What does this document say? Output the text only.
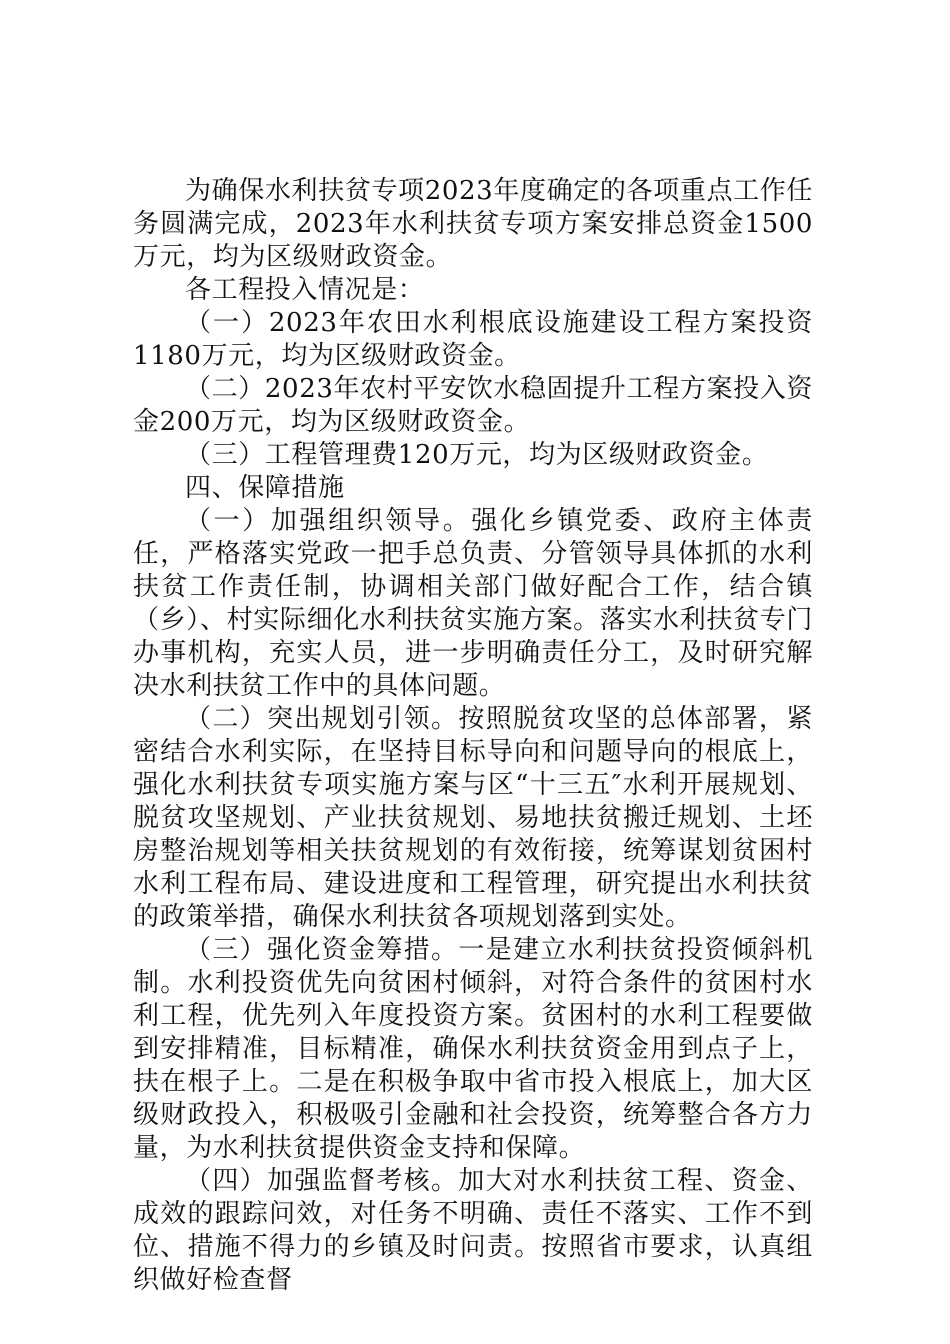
为确保水利扶贫专项2023年度确定的各项重点工作任务圆满完成，2023年水利扶贫专项方案安排总资金1500万元，均为区级财政资金。

各工程投入情况是：

（一）2023年农田水利根底设施建设工程方案投资1180万元，均为区级财政资金。

（二）2023年农村平安饮水稳固提升工程方案投入资金200万元，均为区级财政资金。

（三）工程管理费120万元，均为区级财政资金。

四、保障措施

（一）加强组织领导。强化乡镇党委、政府主体责任，严格落实党政一把手总负责、分管领导具体抓的水利扶贫工作责任制，协调相关部门做好配合工作，结合镇（乡）、村实际细化水利扶贫实施方案。落实水利扶贫专门办事机构，充实人员，进一步明确责任分工，及时研究解决水利扶贫工作中的具体问题。

（二）突出规划引领。按照脱贫攻坚的总体部署，紧密结合水利实际，在坚持目标导向和问题导向的根底上，强化水利扶贫专项实施方案与区“十三五″水利开展规划、脱贫攻坚规划、产业扶贫规划、易地扶贫搬迁规划、土坯房整治规划等相关扶贫规划的有效衔接，统筹谋划贫困村水利工程布局、建设进度和工程管理，研究提出水利扶贫的政策举措，确保水利扶贫各项规划落到实处。

（三）强化资金筹措。一是建立水利扶贫投资倾斜机制。水利投资优先向贫困村倾斜，对符合条件的贫困村水利工程，优先列入年度投资方案。贫困村的水利工程要做到安排精准，目标精准，确保水利扶贫资金用到点子上，扶在根子上。二是在积极争取中省市投入根底上，加大区级财政投入，积极吸引金融和社会投资，统筹整合各方力量，为水利扶贫提供资金支持和保障。

（四）加强监督考核。加大对水利扶贫工程、资金、成效的跟踪问效，对任务不明确、责任不落实、工作不到位、措施不得力的乡镇及时问责。按照省市要求，认真组织做好检查督
